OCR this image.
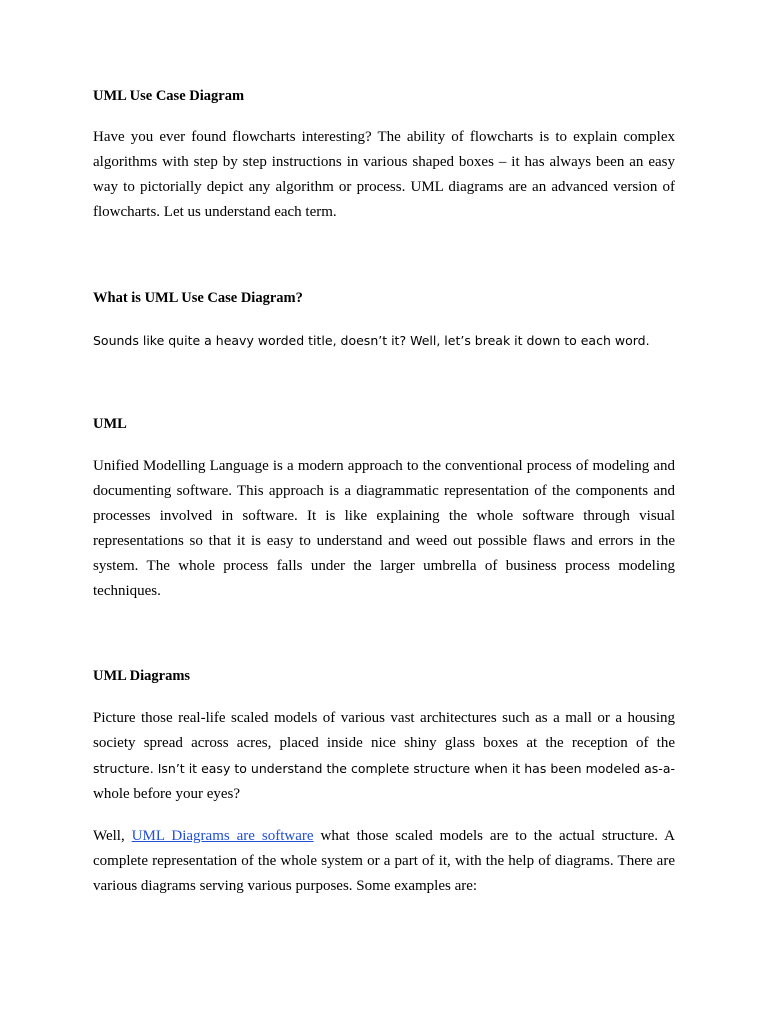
UML Use Case Diagram

Have you ever found flowcharts interesting? The ability of flowcharts is to explain complex algorithms with step by step instructions in various shaped boxes – it has always been an easy way to pictorially depict any algorithm or process. UML diagrams are an advanced version of flowcharts. Let us understand each term.

What is UML Use Case Diagram?

Sounds like quite a heavy worded title, doesn’t it? Well, let’s break it down to each word.

UML

Unified Modelling Language is a modern approach to the conventional process of modeling and documenting software. This approach is a diagrammatic representation of the components and processes involved in software. It is like explaining the whole software through visual representations so that it is easy to understand and weed out possible flaws and errors in the system. The whole process falls under the larger umbrella of business process modeling techniques.

UML Diagrams

Picture those real-life scaled models of various vast architectures such as a mall or a housing society spread across acres, placed inside nice shiny glass boxes at the reception of the structure. Isn’t it easy to understand the complete structure when it has been modeled as-a- whole before your eyes?

Well, UML Diagrams are software what those scaled models are to the actual structure. A complete representation of the whole system or a part of it, with the help of diagrams. There are various diagrams serving various purposes. Some examples are:
